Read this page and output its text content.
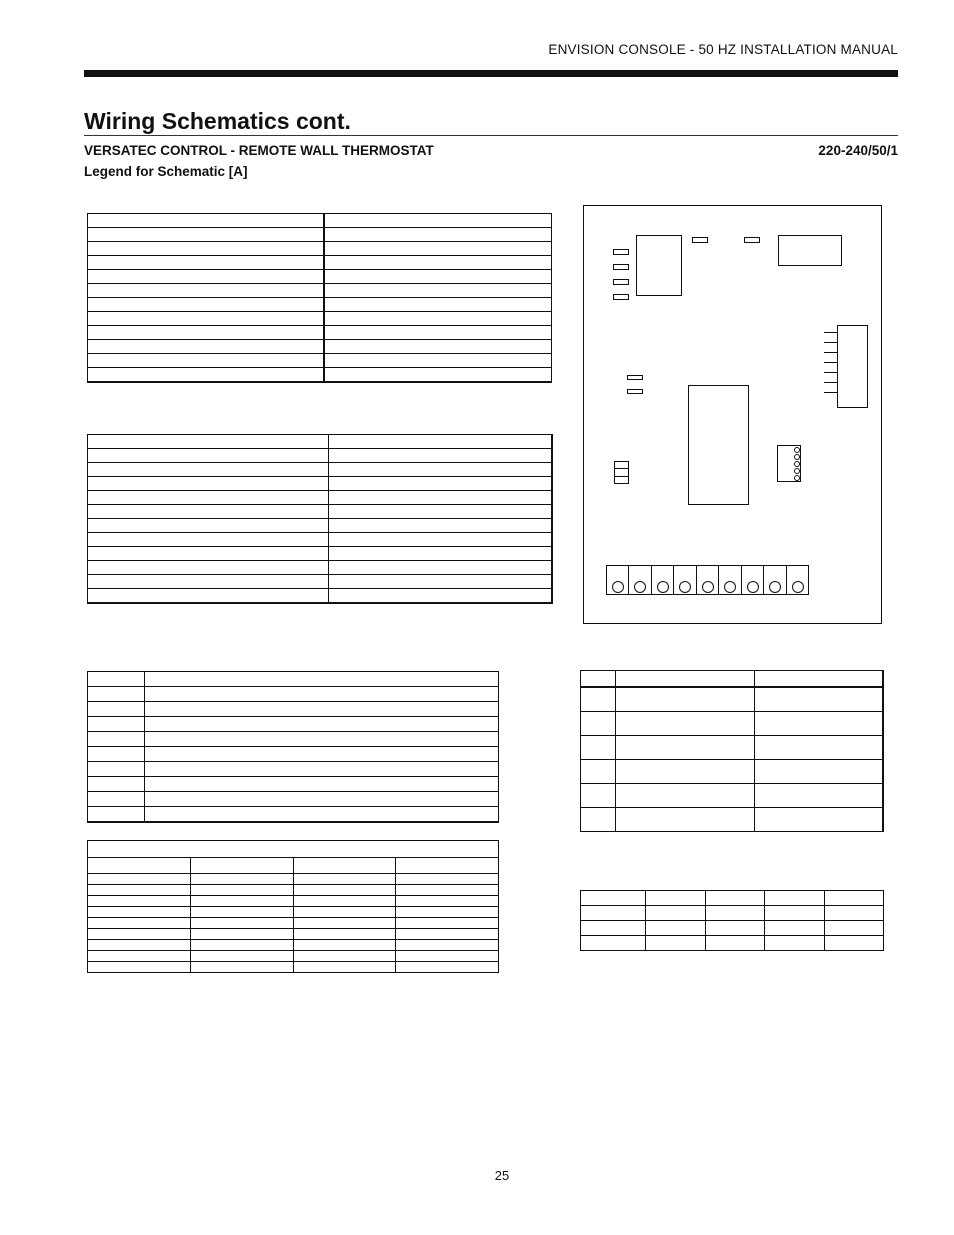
ENVISION CONSOLE - 50 HZ INSTALLATION MANUAL
Wiring Schematics cont.
VERSATEC CONTROL - REMOTE WALL THERMOSTAT	220-240/50/1
Legend for Schematic [A]

25
